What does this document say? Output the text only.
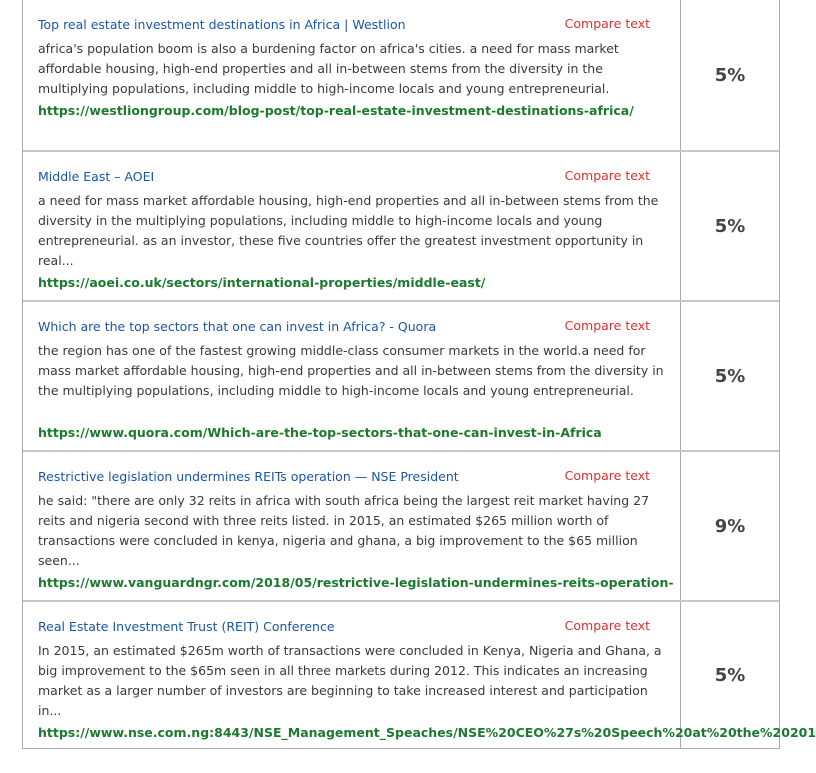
Top real estate investment destinations in Africa | Westlion	Compare text
africa's population boom is also a burdening factor on africa's cities. a need for mass market affordable housing, high-end properties and all in-between stems from the diversity in the multiplying populations, including middle to high-income locals and young entrepreneurial.
https://westliongroup.com/blog-post/top-real-estate-investment-destinations-africa/
5%
Middle East – AOEI	Compare text
a need for mass market affordable housing, high-end properties and all in-between stems from the diversity in the multiplying populations, including middle to high-income locals and young entrepreneurial. as an investor, these five countries offer the greatest investment opportunity in real...
https://aoei.co.uk/sectors/international-properties/middle-east/
5%
Which are the top sectors that one can invest in Africa? - Quora	Compare text
the region has one of the fastest growing middle-class consumer markets in the world.a need for mass market affordable housing, high-end properties and all in-between stems from the diversity in the multiplying populations, including middle to high-income locals and young entrepreneurial.
https://www.quora.com/Which-are-the-top-sectors-that-one-can-invest-in-Africa
5%
Restrictive legislation undermines REITs operation — NSE President	Compare text
he said: "there are only 32 reits in africa with south africa being the largest reit market having 27 reits and nigeria second with three reits listed. in 2015, an estimated $265 million worth of transactions were concluded in kenya, nigeria and ghana, a big improvement to the $65 million seen...
https://www.vanguardngr.com/2018/05/restrictive-legislation-undermines-reits-operation-
9%
Real Estate Investment Trust (REIT) Conference	Compare text
In 2015, an estimated $265m worth of transactions were concluded in Kenya, Nigeria and Ghana, a big improvement to the $65m seen in all three markets during 2012. This indicates an increasing market as a larger number of investors are beginning to take increased interest and participation in...
https://www.nse.com.ng:8443/NSE_Management_Speaches/NSE%20CEO%27s%20Speech%20at%20the%20201
5%
